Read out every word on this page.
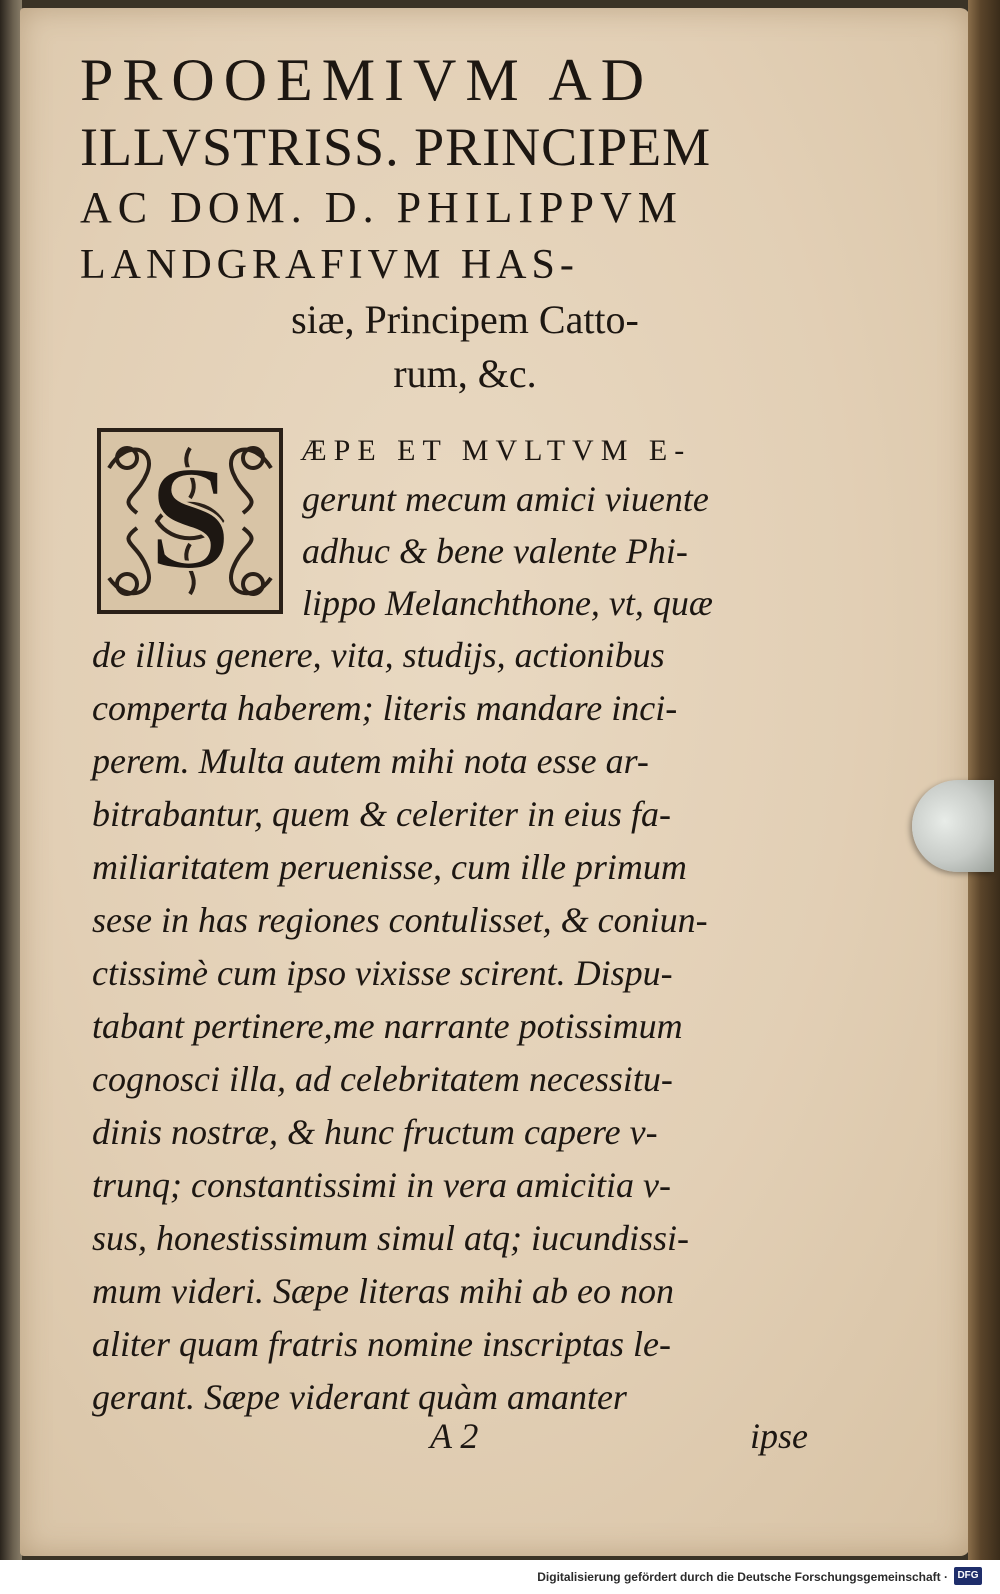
PROOEMIVM AD
ILLVSTRISS. PRINCIPEM
AC DOM. D. PHILIPPVM
LANDGRAFIVM HAS-
siæ, Principem Catto-
rum, &c.
S ÆPE ET MVLTVM E-
gerunt mecum amici viuente
adhuc & bene valente Phi-
lippo Melanchthone, vt, quæ
de illius genere, vita, studijs, actionibus
comperta haberem; literis mandare inci-
perem. Multa autem mihi nota esse ar-
bitrabantur, quem & celeriter in eius fa-
miliaritatem peruenisse, cum ille primum
sese in has regiones contulisset, & coniun-
ctissimè cum ipso vixisse scirent. Dispu-
tabant pertinere,me narrante potissimum
cognosci illa, ad celebritatem necessitu-
dinis nostræ, & hunc fructum capere v-
trunq; constantissimi in vera amicitia v-
sus, honestissimum simul atq; iucundissi-
mum videri. Sæpe literas mihi ab eo non
aliter quam fratris nomine inscriptas le-
gerant. Sæpe viderant quàm amanter
A 2	ipse
Digitalisierung gefördert durch die Deutsche Forschungsgemeinschaft · DFG
